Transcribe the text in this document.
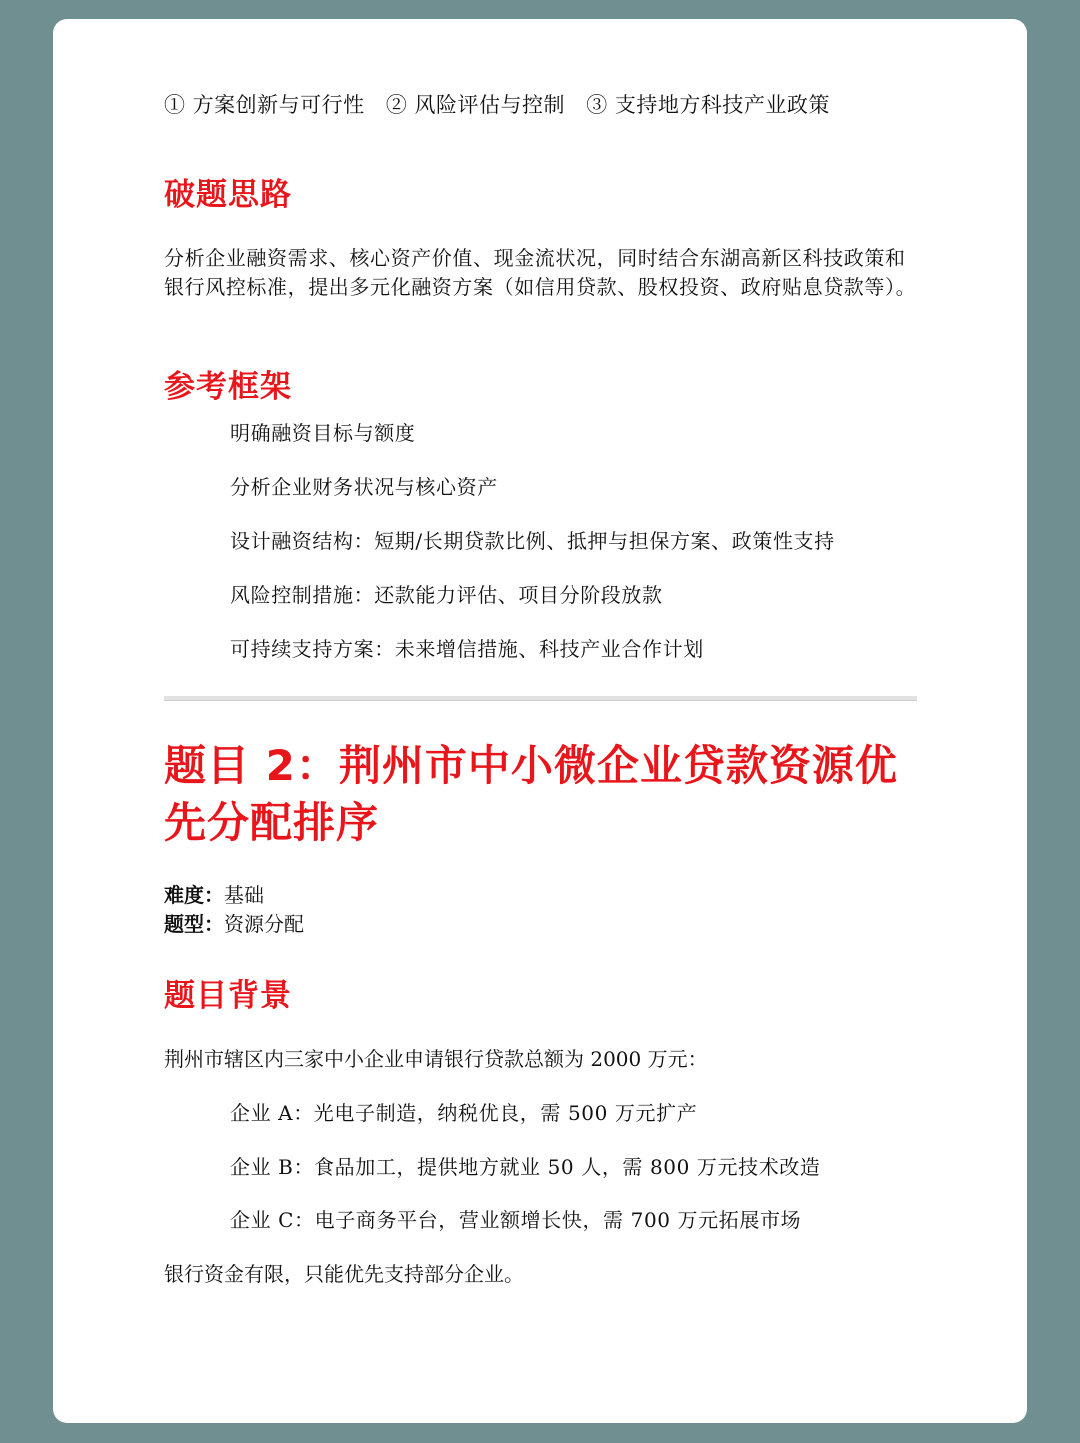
① 方案创新与可行性 ② 风险评估与控制 ③ 支持地方科技产业政策
破题思路
分析企业融资需求、核心资产价值、现金流状况，同时结合东湖高新区科技政策和银行风控标准，提出多元化融资方案（如信用贷款、股权投资、政府贴息贷款等）。
参考框架
明确融资目标与额度
分析企业财务状况与核心资产
设计融资结构：短期/长期贷款比例、抵押与担保方案、政策性支持
风险控制措施：还款能力评估、项目分阶段放款
可持续支持方案：未来增信措施、科技产业合作计划
题目 2：荆州市中小微企业贷款资源优先分配排序
难度：基础
题型：资源分配
题目背景
荆州市辖区内三家中小企业申请银行贷款总额为 2000 万元：
企业 A：光电子制造，纳税优良，需 500 万元扩产
企业 B：食品加工，提供地方就业 50 人，需 800 万元技术改造
企业 C：电子商务平台，营业额增长快，需 700 万元拓展市场
银行资金有限，只能优先支持部分企业。
